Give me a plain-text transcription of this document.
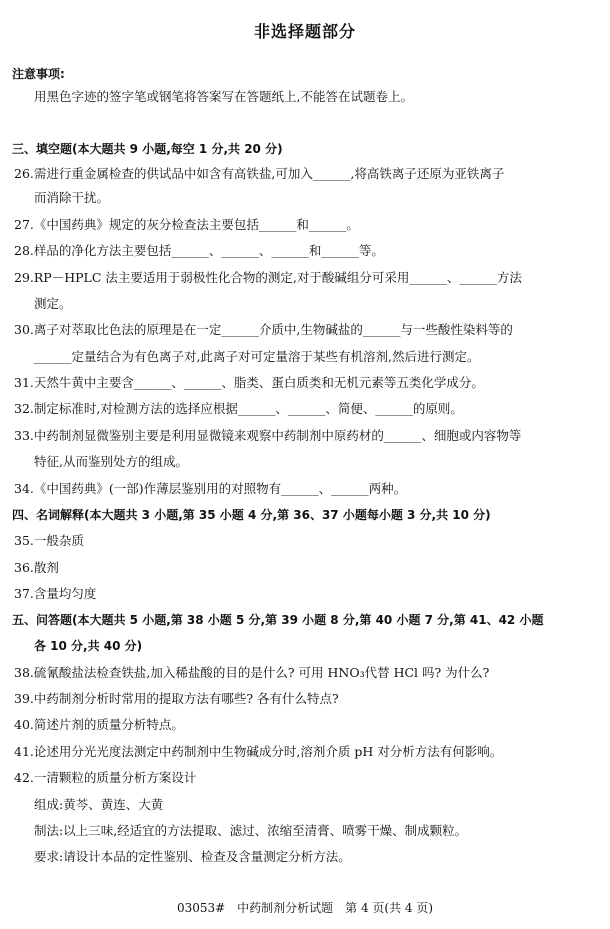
非选择题部分
注意事项:
用黑色字迹的签字笔或钢笔将答案写在答题纸上,不能答在试题卷上。
三、填空题(本大题共 9 小题,每空 1 分,共 20 分)
26.需进行重金属检查的供试品中如含有高铁盐,可加入______,将高铁离子还原为亚铁离子
而消除干扰。
27.《中国药典》规定的灰分检查法主要包括______和______。
28.样品的净化方法主要包括______、______、______和______等。
29.RP－HPLC 法主要适用于弱极性化合物的测定,对于酸碱组分可采用______、______方法
测定。
30.离子对萃取比色法的原理是在一定______介质中,生物碱盐的______与一些酸性染料等的
______定量结合为有色离子对,此离子对可定量溶于某些有机溶剂,然后进行测定。
31.天然牛黄中主要含______、______、脂类、蛋白质类和无机元素等五类化学成分。
32.制定标准时,对检测方法的选择应根据______、______、简便、______的原则。
33.中药制剂显微鉴别主要是利用显微镜来观察中药制剂中原药材的______、细胞或内容物等
特征,从而鉴别处方的组成。
34.《中国药典》(一部)作薄层鉴别用的对照物有______、______两种。
四、名词解释(本大题共 3 小题,第 35 小题 4 分,第 36、37 小题每小题 3 分,共 10 分)
35.一般杂质
36.散剂
37.含量均匀度
五、问答题(本大题共 5 小题,第 38 小题 5 分,第 39 小题 8 分,第 40 小题 7 分,第 41、42 小题
各 10 分,共 40 分)
38.硫氰酸盐法检查铁盐,加入稀盐酸的目的是什么? 可用 HNO₃代替 HCl 吗? 为什么?
39.中药制剂分析时常用的提取方法有哪些? 各有什么特点?
40.简述片剂的质量分析特点。
41.论述用分光光度法测定中药制剂中生物碱成分时,溶剂介质 pH 对分析方法有何影响。
42.一清颗粒的质量分析方案设计
组成:黄芩、黄连、大黄
制法:以上三味,经适宜的方法提取、滤过、浓缩至清膏、喷雾干燥、制成颗粒。
要求:请设计本品的定性鉴别、检查及含量测定分析方法。
03053#　中药制剂分析试题　第 4 页(共 4 页)
